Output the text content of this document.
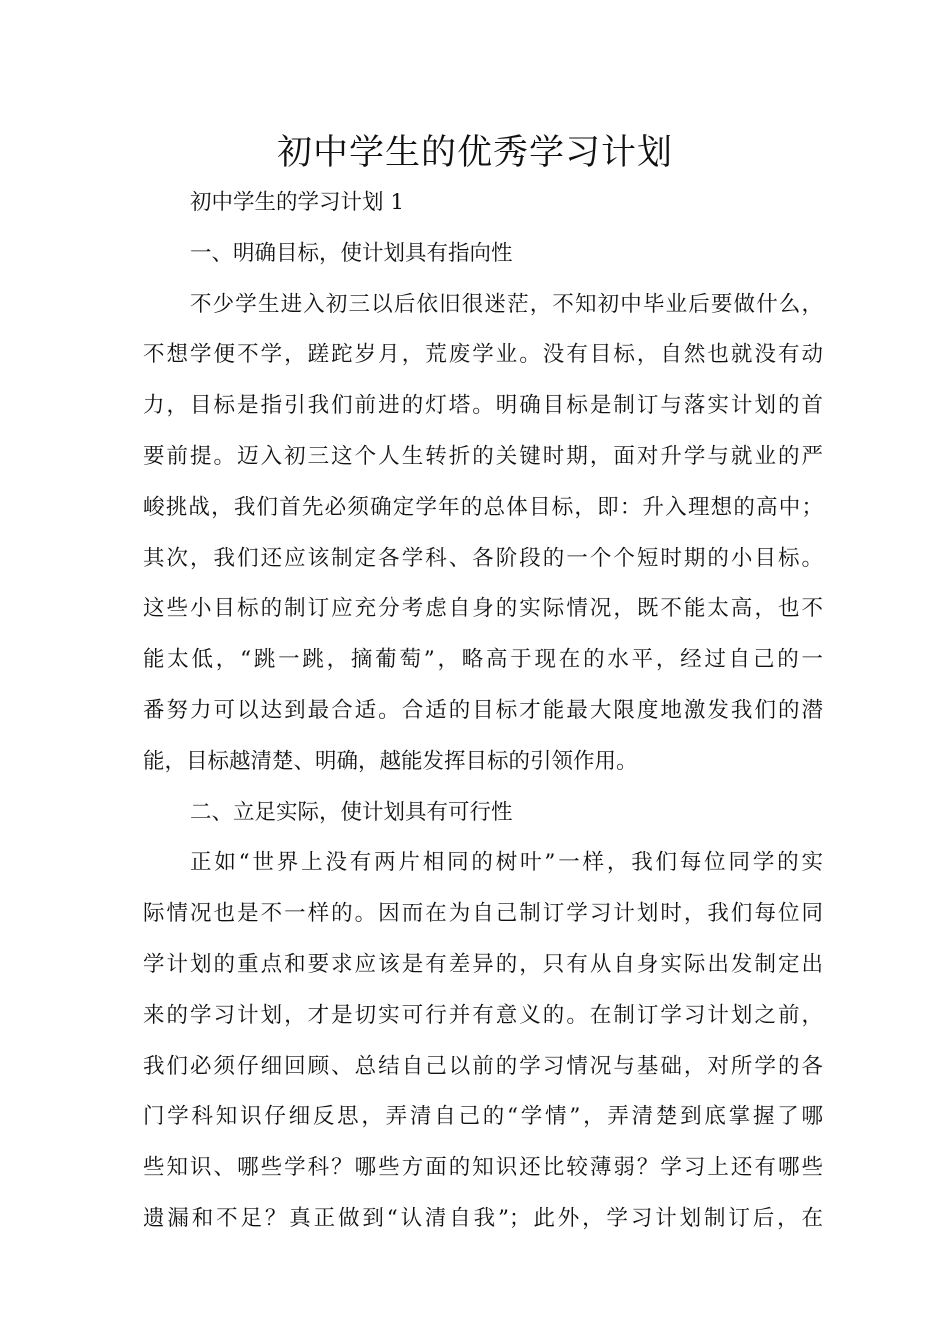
初中学生的优秀学习计划
初中学生的学习计划 1
一、明确目标，使计划具有指向性
不少学生进入初三以后依旧很迷茫，不知初中毕业后要做什么，
不想学便不学，蹉跎岁月，荒废学业。没有目标，自然也就没有动
力，目标是指引我们前进的灯塔。明确目标是制订与落实计划的首
要前提。迈入初三这个人生转折的关键时期，面对升学与就业的严
峻挑战，我们首先必须确定学年的总体目标，即：升入理想的高中；
其次，我们还应该制定各学科、各阶段的一个个短时期的小目标。
这些小目标的制订应充分考虑自身的实际情况，既不能太高，也不
能太低，“跳一跳，摘葡萄”，略高于现在的水平，经过自己的一
番努力可以达到最合适。合适的目标才能最大限度地激发我们的潜
能，目标越清楚、明确，越能发挥目标的引领作用。
二、立足实际，使计划具有可行性
正如“世界上没有两片相同的树叶”一样，我们每位同学的实
际情况也是不一样的。因而在为自己制订学习计划时，我们每位同
学计划的重点和要求应该是有差异的，只有从自身实际出发制定出
来的学习计划，才是切实可行并有意义的。在制订学习计划之前，
我们必须仔细回顾、总结自己以前的学习情况与基础，对所学的各
门学科知识仔细反思，弄清自己的“学情”，弄清楚到底掌握了哪
些知识、哪些学科？哪些方面的知识还比较薄弱？学习上还有哪些
遗漏和不足？真正做到“认清自我”；此外，学习计划制订后，在
